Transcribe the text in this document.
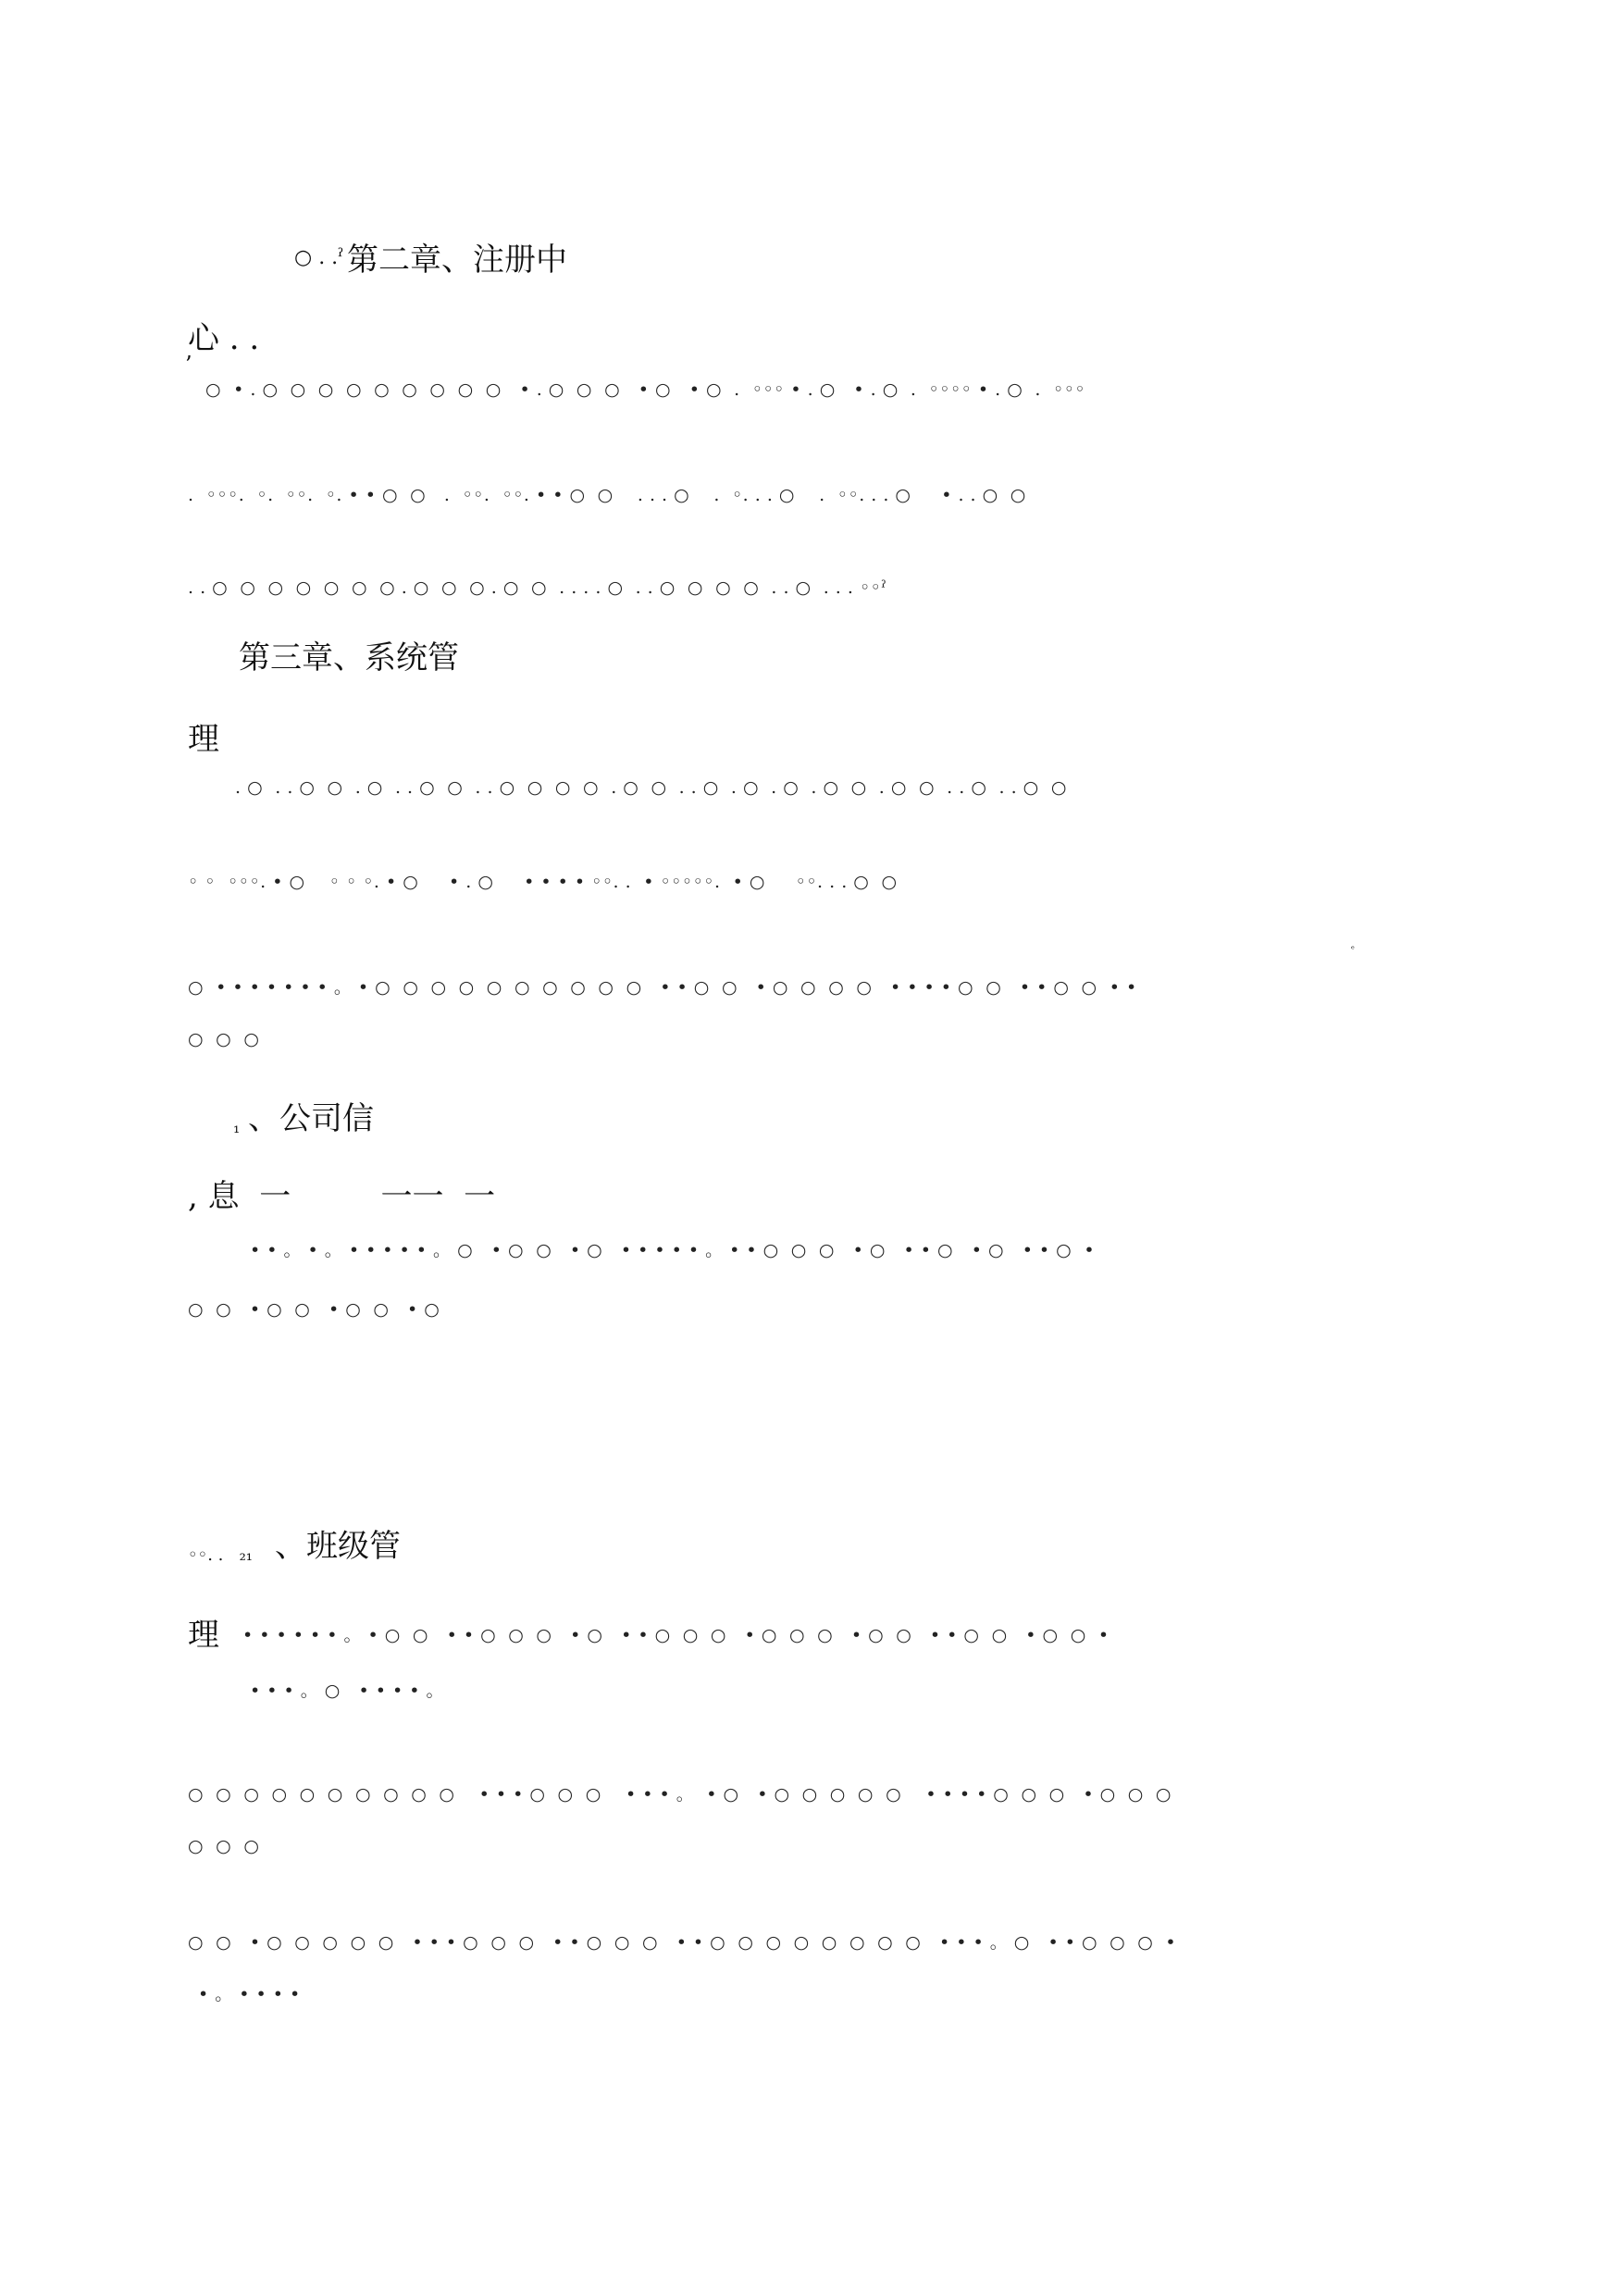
○ . .ˀ 第二章、注册中
心 . .
’
○  • . ○  ○  ○  ○  ○  ○  ○  ○  ○   • . ○  ○  ○   • ○   • ○  .  ◦◦◦ • . ○   • . ○  .  ◦◦◦◦ • . ○  .  ◦◦◦
.  ◦◦◦.  ◦.  ◦◦.  ◦. • • ○  ○   .  ◦◦.  ◦◦. • • ○  ○    . . . ○    .  ◦. . . ○    .  ◦◦. . . ○     • . . ○  ○
. . ○  ○  ○  ○  ○  ○  ○ . ○  ○  ○ . ○  ○  . . . . ○  . . ○  ○  ○  ○  . . ○  . . . ◦◦ˀ
第三章、系统管
理
. ○  . . ○  ○  . ○  . . ○  ○  . . ○  ○  ○  ○  . ○  ○  . . ○  . ○  . ○  . ○  ○  . ○  ○  . . ○  . . ○  ○
◦ ◦  ◦◦◦. • ○    ◦ ◦ ◦. • ○     • . ○     • • • • ◦◦. .  • ◦◦◦◦◦.  • ○     ◦◦. . . ○  ○
ᵉ
○  • • • • • • • 。 • ○  ○  ○  ○  ○  ○  ○  ○  ○  ○   • • ○  ○   • ○  ○  ○  ○   • • • • ○  ○   • • ○  ○  • •
○  ○  ○
₁ 、公司信
, 息  一         一一  一
• • 。 • 。 • • • • • 。 ○   • ○  ○   • ○   • • • • • 。 • • ○  ○  ○   • ○   • • ○   • ○   • • ○  •
○  ○   • ○  ○   • ○  ○   • ○
◦◦. .   ₂₁ 、班级管
理 • • • • • • 。 • ○  ○   • • ○  ○  ○   • ○   • • ○  ○  ○   • ○  ○  ○   • ○  ○   • • ○  ○   • ○  ○  •
• • • 。 ○   • • • • 。
○  ○  ○  ○  ○  ○  ○  ○  ○  ○    • • • ○  ○  ○    • • • 。  • ○   • ○  ○  ○  ○  ○    • • • • ○  ○  ○   • ○  ○  ○
○  ○  ○
○  ○   • ○  ○  ○  ○  ○   • • • ○  ○  ○   • • ○  ○  ○   • • ○  ○  ○  ○  ○  ○  ○  ○   • • • 。 ○   • • ○  ○  ○  •
• 。 • • • •
